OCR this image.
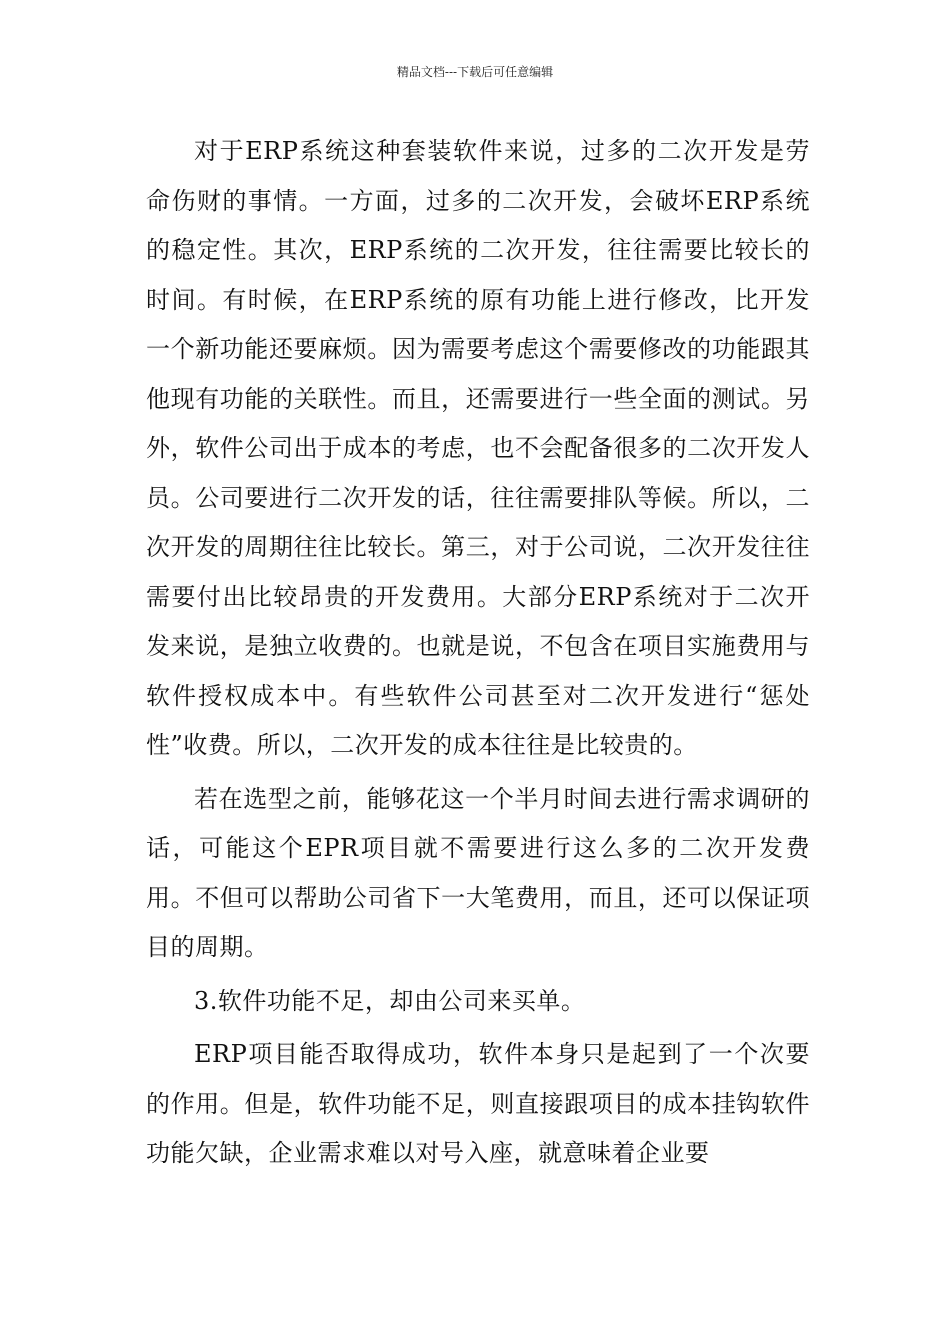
精品文档---下载后可任意编辑

对于ERP系统这种套装软件来说，过多的二次开发是劳命伤财的事情。一方面，过多的二次开发，会破坏ERP系统的稳定性。其次，ERP系统的二次开发，往往需要比较长的时间。有时候，在ERP系统的原有功能上进行修改，比开发一个新功能还要麻烦。因为需要考虑这个需要修改的功能跟其他现有功能的关联性。而且，还需要进行一些全面的测试。另外，软件公司出于成本的考虑，也不会配备很多的二次开发人员。公司要进行二次开发的话，往往需要排队等候。所以，二次开发的周期往往比较长。第三，对于公司说，二次开发往往需要付出比较昂贵的开发费用。大部分ERP系统对于二次开发来说，是独立收费的。也就是说，不包含在项目实施费用与软件授权成本中。有些软件公司甚至对二次开发进行“惩处性”收费。所以，二次开发的成本往往是比较贵的。

若在选型之前，能够花这一个半月时间去进行需求调研的话，可能这个EPR项目就不需要进行这么多的二次开发费用。不但可以帮助公司省下一大笔费用，而且，还可以保证项目的周期。

3.软件功能不足，却由公司来买单。

ERP项目能否取得成功，软件本身只是起到了一个次要的作用。但是，软件功能不足，则直接跟项目的成本挂钩软件功能欠缺，企业需求难以对号入座，就意味着企业要
